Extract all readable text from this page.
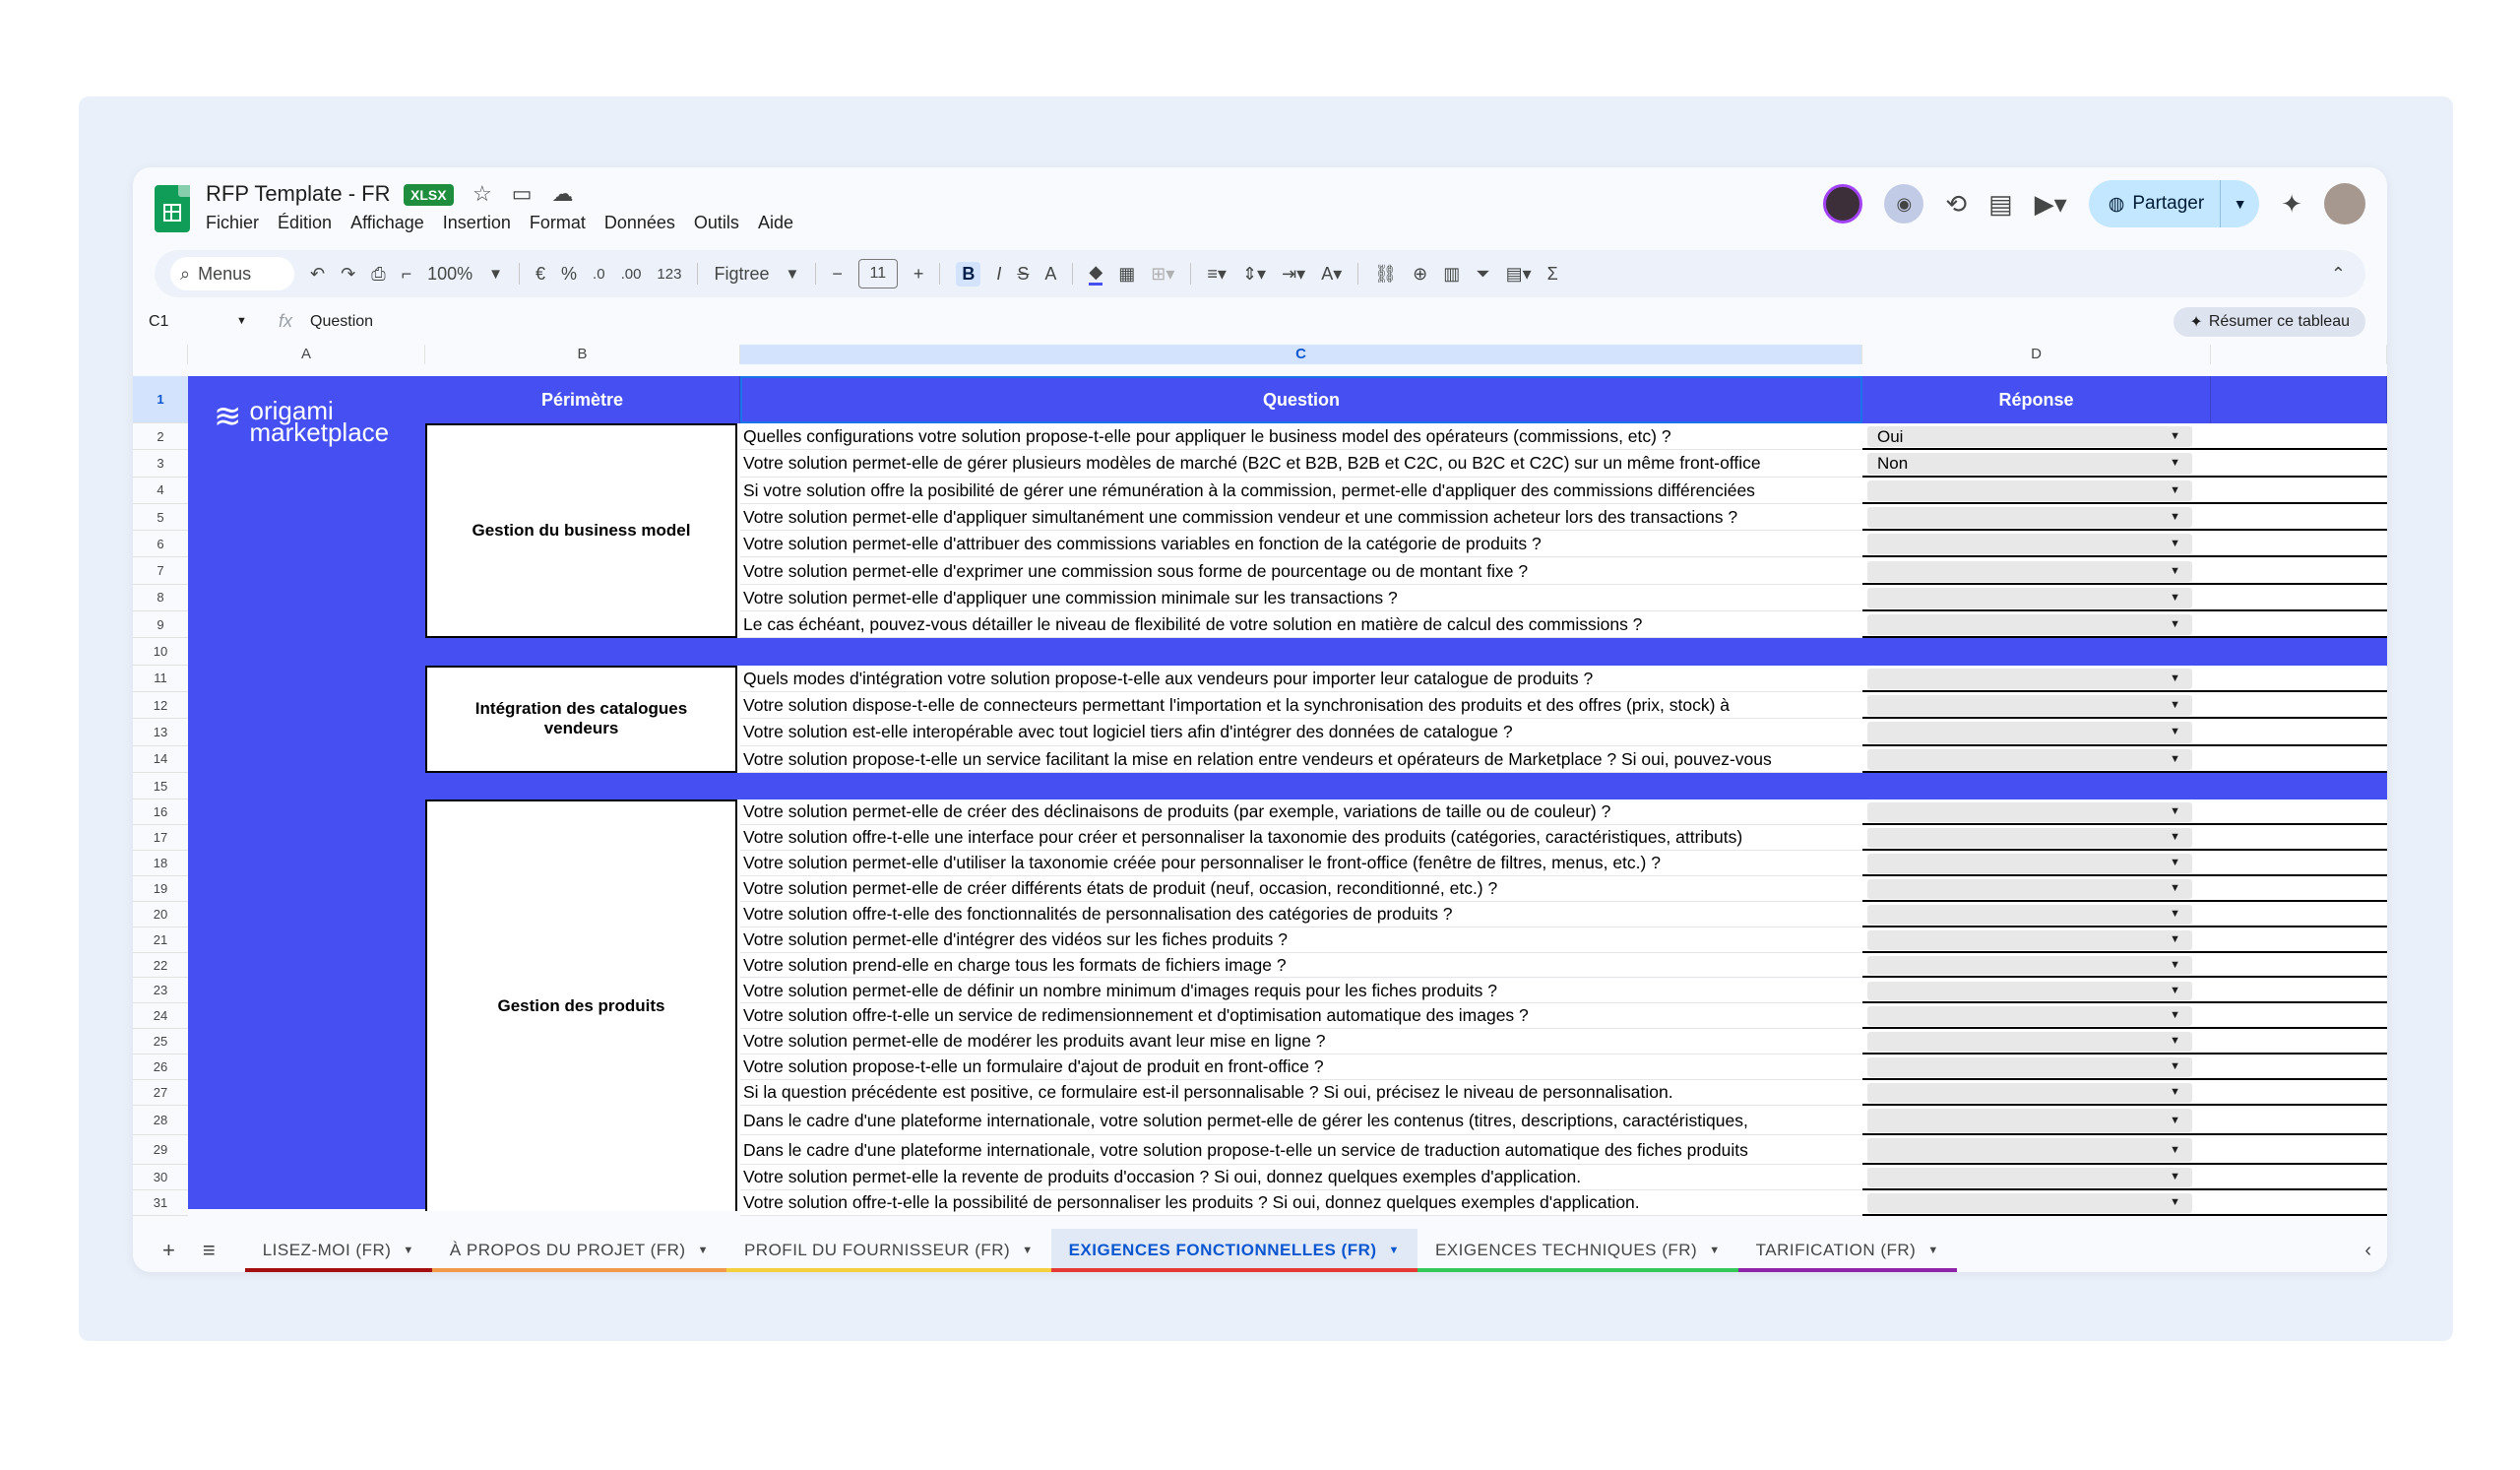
RFP Template - FR	XLSX	☆ ▭ ☁
Fichier Édition Affichage Insertion Format Données Outils Aide
◉	⟲ ▤ ▶▾ ◍ Partager	▼	✦
⌕ Menus	↶ ↷ ⎙ ⌐ 100% ▼ € % .0 .00 123 Figtree ▼ −	11	+	B	I S A ◆ ▦ ⊞▾ ≡▾ ⇕▾ ⇥▾ A▾ ⛓ ⊕ ▥ ⏷ ▤▾ Σ	⌃
C1	▼ fx Question	✦ Résumer ce tableau
A	B	C	D
1
2
3
4
5
6
7
8
9
10
11
12
13
14
15
16
17
18
19
20
21
22
23
24
25
26
27
28
29
30
31
≋ origami
marketplace
Périmètre	Question	Réponse
Gestion du business model
Intégration des catalogues vendeurs
Gestion des produits
Quelles configurations votre solution propose-t-elle pour appliquer le business model des opérateurs (commissions, etc) ?	Oui ▼
Votre solution permet-elle de gérer plusieurs modèles de marché (B2C et B2B, B2B et C2C, ou B2C et C2C) sur un même front-office	Non ▼
Si votre solution offre la posibilité de gérer une rémunération à la commission, permet-elle d'appliquer des commissions différenciées
▼
Votre solution permet-elle d'appliquer simultanément une commission vendeur et une commission acheteur lors des transactions ?
▼
Votre solution permet-elle d'attribuer des commissions variables en fonction de la catégorie de produits ?
▼
Votre solution permet-elle d'exprimer une commission sous forme de pourcentage ou de montant fixe ?
▼
Votre solution permet-elle d'appliquer une commission minimale sur les transactions ?
▼
Le cas échéant, pouvez-vous détailler le niveau de flexibilité de votre solution en matière de calcul des commissions ?
▼
Quels modes d'intégration votre solution propose-t-elle aux vendeurs pour importer leur catalogue de produits ?
▼
Votre solution dispose-t-elle de connecteurs permettant l'importation et la synchronisation des produits et des offres (prix, stock) à
▼
Votre solution est-elle interopérable avec tout logiciel tiers afin d'intégrer des données de catalogue ?
▼
Votre solution propose-t-elle un service facilitant la mise en relation entre vendeurs et opérateurs de Marketplace ? Si oui, pouvez-vous
▼
Votre solution permet-elle de créer des déclinaisons de produits (par exemple, variations de taille ou de couleur) ?
▼
Votre solution offre-t-elle une interface pour créer et personnaliser la taxonomie des produits (catégories, caractéristiques, attributs)
▼
Votre solution permet-elle d'utiliser la taxonomie créée pour personnaliser le front-office (fenêtre de filtres, menus, etc.) ?
▼
Votre solution permet-elle de créer différents états de produit (neuf, occasion, reconditionné, etc.) ?
▼
Votre solution offre-t-elle des fonctionnalités de personnalisation des catégories de produits ?
▼
Votre solution permet-elle d'intégrer des vidéos sur les fiches produits ?
▼
Votre solution prend-elle en charge tous les formats de fichiers image ?
▼
Votre solution permet-elle de définir un nombre minimum d'images requis pour les fiches produits ?
▼
Votre solution offre-t-elle un service de redimensionnement et d'optimisation automatique des images ?
▼
Votre solution permet-elle de modérer les produits avant leur mise en ligne ?
▼
Votre solution propose-t-elle un formulaire d'ajout de produit en front-office ?
▼
Si la question précédente est positive, ce formulaire est-il personnalisable ? Si oui, précisez le niveau de personnalisation.
▼
Dans le cadre d'une plateforme internationale, votre solution permet-elle de gérer les contenus (titres, descriptions, caractéristiques,
▼
Dans le cadre d'une plateforme internationale, votre solution propose-t-elle un service de traduction automatique des fiches produits
▼
Votre solution permet-elle la revente de produits d'occasion ? Si oui, donnez quelques exemples d'application.
▼
Votre solution offre-t-elle la possibilité de personnaliser les produits ? Si oui, donnez quelques exemples d'application.
▼
+ ≡	LISEZ-MOI (FR) ▼ À PROPOS DU PROJET (FR) ▼ PROFIL DU FOURNISSEUR (FR) ▼ EXIGENCES FONCTIONNELLES (FR) ▼ EXIGENCES TECHNIQUES (FR) ▼ TARIFICATION (FR) ▼	‹
